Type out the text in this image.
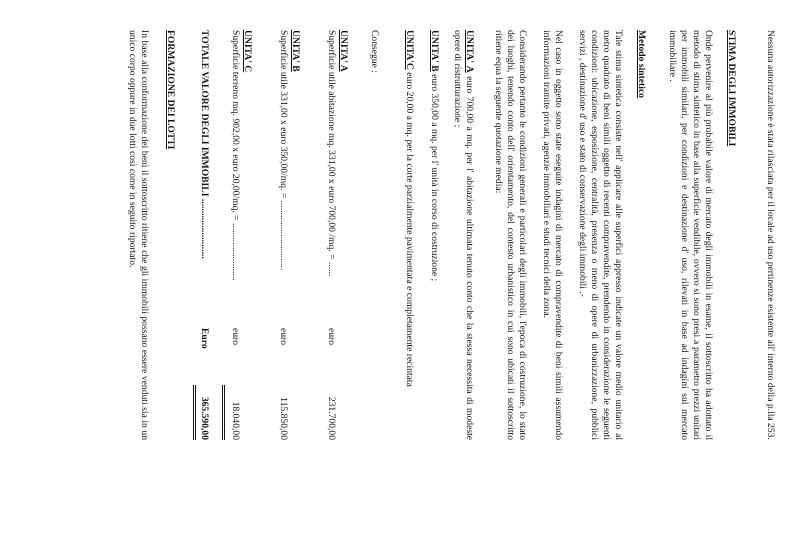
Nessuna autorizzazione è stata rilasciata per il locale ad uso pertinenze esistente all' interno della p.lla 253.

STIMA DEGLI IMMOBILI

Onde pervenire al più probabile valore di mercato degli immobili in esame, il sottoscritto ha adottato il metodo di stima sintetico in base alla superficie vendibile, ovvero si sono presi a parametro prezzi unitari per immobili similari, per condizioni e destinazione d' uso, rilevati in base ad indagini sul mercato immobiliare .

Metodo sintetico

Tale stima sintetica consiste nell' applicare alle superfici appresso indicate un valore medio unitario al metro quadrato di beni simili oggetto di recenti compravendite, prendendo in considerazione le seguenti condizioni: ubicazione, esposizione, centralità, presenza o meno di opere di urbanizzazione, pubblici servizi , destinazione d' uso e stato di conservazione degli immobili .-

Nel caso in oggetto sono state eseguite indagini di mercato di compravendite di beni simili assumendo informazioni tramite privati, agenzie immobiliari e studi tecnici della zona.

Considerando pertanto le condizioni generali e particolari degli immobili, l'epoca di costruzione, lo stato dei luoghi, tenendo conto dell' orientamento, del contesto urbanistico in cui sono ubicati il sottoscritto ritiene equa la seguente quotazione media:

UNITA' A euro 700,00 a mq. per l' abitazione ultimata tenuto conto che la stessa necessita di modeste opere di ristrutturazione ;

UNITA' B euro 350,00 a mq. per l' unità in corso di costruzione ;

UNITA'C euro 20,00 a mq. per la corte parzialmente pavimentata e completamente recintata

Consegue :

UNITA' A

Superficie utile abitazione mq. 331,00 x euro 700,00 /mq. = ......
euro
231.700,00

UNITA' B

Superficie utile 331,00 x euro 350,00/mq. = .............................
euro
115.850,00

UNITA' C

Superficie terreno mq. 902,00 x euro 20,00/mq. = ........................
euro
18.040,00
TOTALE VALORE DEGLI IMMOBILI .........................
Euro
365.590,00

FORMAZIONE DEI LOTTI

In base alla conformazione dei beni il sottoscritto ritiene che gli immobili possano essere venduti sia in un unico corpo oppure in due lotti così come in seguito riportato.
